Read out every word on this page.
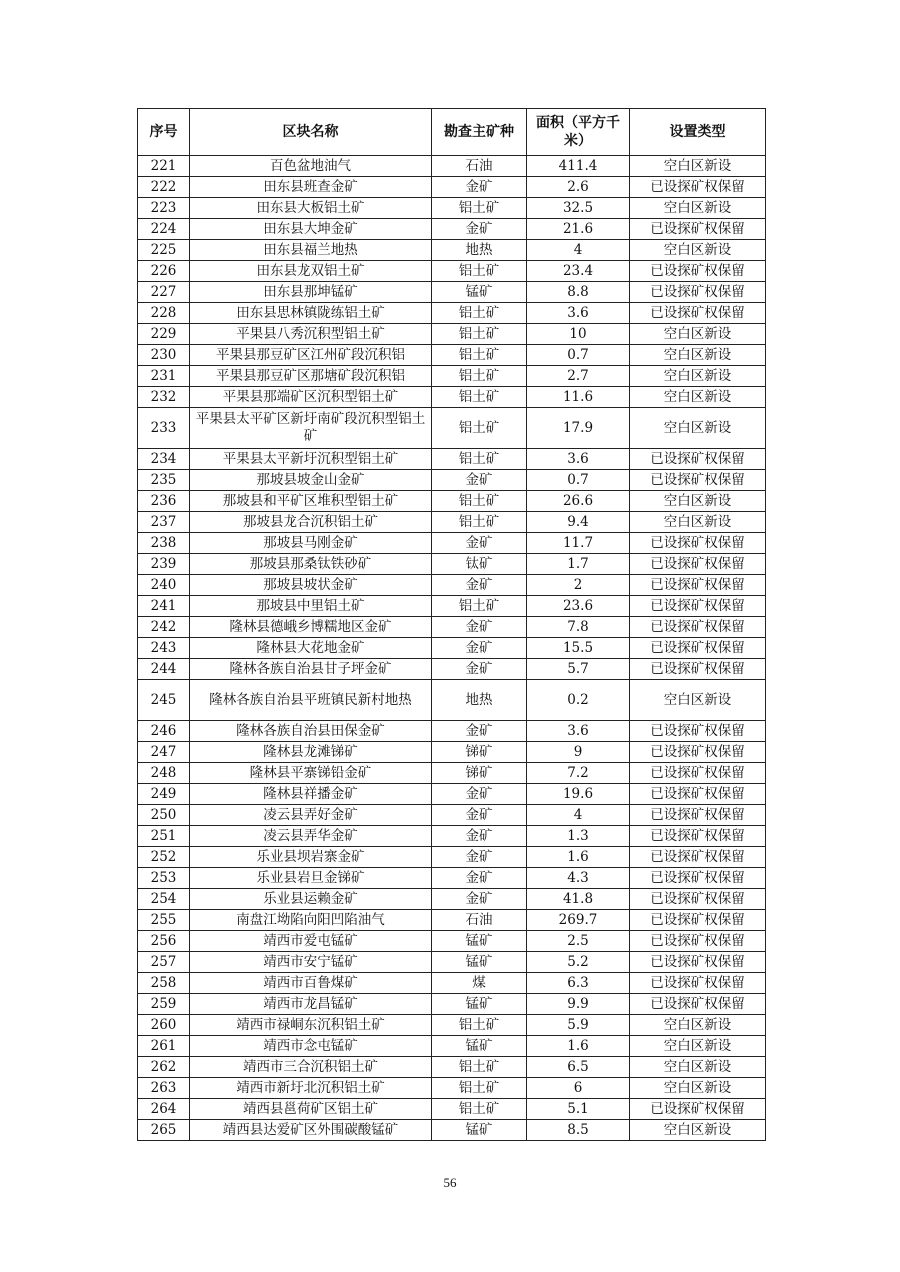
序号	区块名称	勘查主矿种	面积（平方千米）	设置类型
221	百色盆地油气	石油	411.4	空白区新设
222	田东县班查金矿	金矿	2.6	已设探矿权保留
223	田东县大板铝土矿	铝土矿	32.5	空白区新设
224	田东县大坤金矿	金矿	21.6	已设探矿权保留
225	田东县福兰地热	地热	4	空白区新设
226	田东县龙双铝土矿	铝土矿	23.4	已设探矿权保留
227	田东县那坤锰矿	锰矿	8.8	已设探矿权保留
228	田东县思林镇陇练铝土矿	铝土矿	3.6	已设探矿权保留
229	平果县八秀沉积型铝土矿	铝土矿	10	空白区新设
230	平果县那豆矿区江州矿段沉积铝	铝土矿	0.7	空白区新设
231	平果县那豆矿区那塘矿段沉积铝	铝土矿	2.7	空白区新设
232	平果县那端矿区沉积型铝土矿	铝土矿	11.6	空白区新设
233	平果县太平矿区新圩南矿段沉积型铝土矿	铝土矿	17.9	空白区新设
234	平果县太平新圩沉积型铝土矿	铝土矿	3.6	已设探矿权保留
235	那坡县坡金山金矿	金矿	0.7	已设探矿权保留
236	那坡县和平矿区堆积型铝土矿	铝土矿	26.6	空白区新设
237	那坡县龙合沉积铝土矿	铝土矿	9.4	空白区新设
238	那坡县马刚金矿	金矿	11.7	已设探矿权保留
239	那坡县那桑钛铁砂矿	钛矿	1.7	已设探矿权保留
240	那坡县坡状金矿	金矿	2	已设探矿权保留
241	那坡县中里铝土矿	铝土矿	23.6	已设探矿权保留
242	隆林县德峨乡博糯地区金矿	金矿	7.8	已设探矿权保留
243	隆林县大花地金矿	金矿	15.5	已设探矿权保留
244	隆林各族自治县甘子坪金矿	金矿	5.7	已设探矿权保留
245	隆林各族自治县平班镇民新村地热	地热	0.2	空白区新设
246	隆林各族自治县田保金矿	金矿	3.6	已设探矿权保留
247	隆林县龙滩锑矿	锑矿	9	已设探矿权保留
248	隆林县平寨锑铅金矿	锑矿	7.2	已设探矿权保留
249	隆林县祥播金矿	金矿	19.6	已设探矿权保留
250	凌云县弄好金矿	金矿	4	已设探矿权保留
251	凌云县弄华金矿	金矿	1.3	已设探矿权保留
252	乐业县坝岩寨金矿	金矿	1.6	已设探矿权保留
253	乐业县岩旦金锑矿	金矿	4.3	已设探矿权保留
254	乐业县运赖金矿	金矿	41.8	已设探矿权保留
255	南盘江坳陷向阳凹陷油气	石油	269.7	已设探矿权保留
256	靖西市爱屯锰矿	锰矿	2.5	已设探矿权保留
257	靖西市安宁锰矿	锰矿	5.2	已设探矿权保留
258	靖西市百鲁煤矿	煤	6.3	已设探矿权保留
259	靖西市龙昌锰矿	锰矿	9.9	已设探矿权保留
260	靖西市禄峒东沉积铝土矿	铝土矿	5.9	空白区新设
261	靖西市念屯锰矿	锰矿	1.6	空白区新设
262	靖西市三合沉积铝土矿	铝土矿	6.5	空白区新设
263	靖西市新圩北沉积铝土矿	铝土矿	6	空白区新设
264	靖西县邕荷矿区铝土矿	铝土矿	5.1	已设探矿权保留
265	靖西县达爱矿区外围碳酸锰矿	锰矿	8.5	空白区新设
56
